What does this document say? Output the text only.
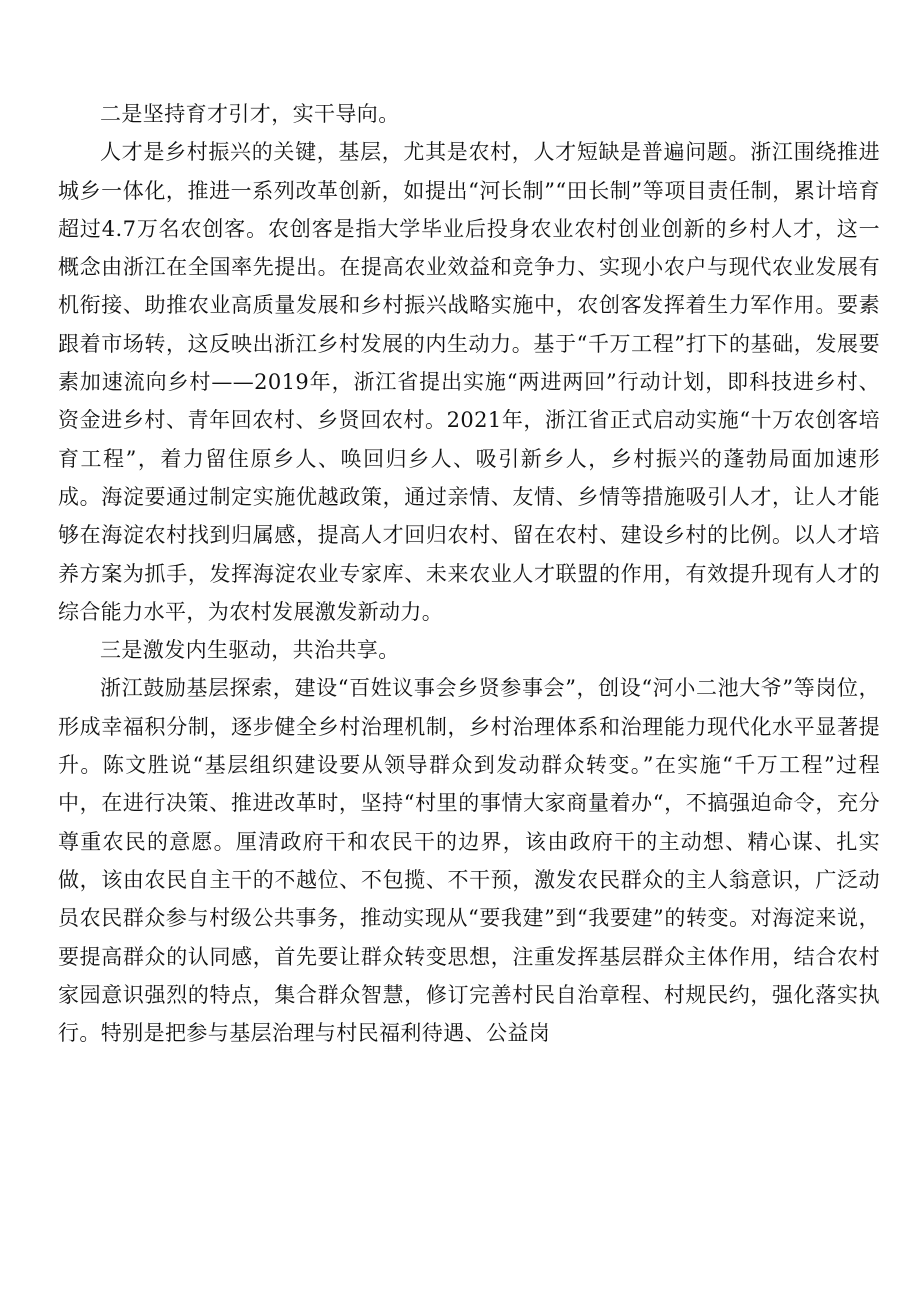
二是坚持育才引才，实干导向。

人才是乡村振兴的关键，基层，尤其是农村，人才短缺是普遍问题。浙江围绕推进城乡一体化，推进一系列改革创新，如提出“河长制”“田长制”等项目责任制，累计培育超过4.7万名农创客。农创客是指大学毕业后投身农业农村创业创新的乡村人才，这一概念由浙江在全国率先提出。在提高农业效益和竞争力、实现小农户与现代农业发展有机衔接、助推农业高质量发展和乡村振兴战略实施中，农创客发挥着生力军作用。要素跟着市场转，这反映出浙江乡村发展的内生动力。基于“千万工程”打下的基础，发展要素加速流向乡村——2019年，浙江省提出实施“两进两回”行动计划，即科技进乡村、资金进乡村、青年回农村、乡贤回农村。2021年，浙江省正式启动实施“十万农创客培育工程”，着力留住原乡人、唤回归乡人、吸引新乡人，乡村振兴的蓬勃局面加速形成。海淀要通过制定实施优越政策，通过亲情、友情、乡情等措施吸引人才，让人才能够在海淀农村找到归属感，提高人才回归农村、留在农村、建设乡村的比例。以人才培养方案为抓手，发挥海淀农业专家库、未来农业人才联盟的作用，有效提升现有人才的综合能力水平，为农村发展激发新动力。

三是激发内生驱动，共治共享。

浙江鼓励基层探索，建设“百姓议事会乡贤参事会”，创设“河小二池大爷”等岗位，形成幸福积分制，逐步健全乡村治理机制，乡村治理体系和治理能力现代化水平显著提升。陈文胜说“基层组织建设要从领导群众到发动群众转变。”在实施“千万工程”过程中，在进行决策、推进改革时，坚持“村里的事情大家商量着办“，不搞强迫命令，充分尊重农民的意愿。厘清政府干和农民干的边界，该由政府干的主动想、精心谋、扎实做，该由农民自主干的不越位、不包揽、不干预，激发农民群众的主人翁意识，广泛动员农民群众参与村级公共事务，推动实现从“要我建”到“我要建”的转变。对海淀来说，要提高群众的认同感，首先要让群众转变思想，注重发挥基层群众主体作用，结合农村家园意识强烈的特点，集合群众智慧，修订完善村民自治章程、村规民约，强化落实执行。特别是把参与基层治理与村民福利待遇、公益岗
